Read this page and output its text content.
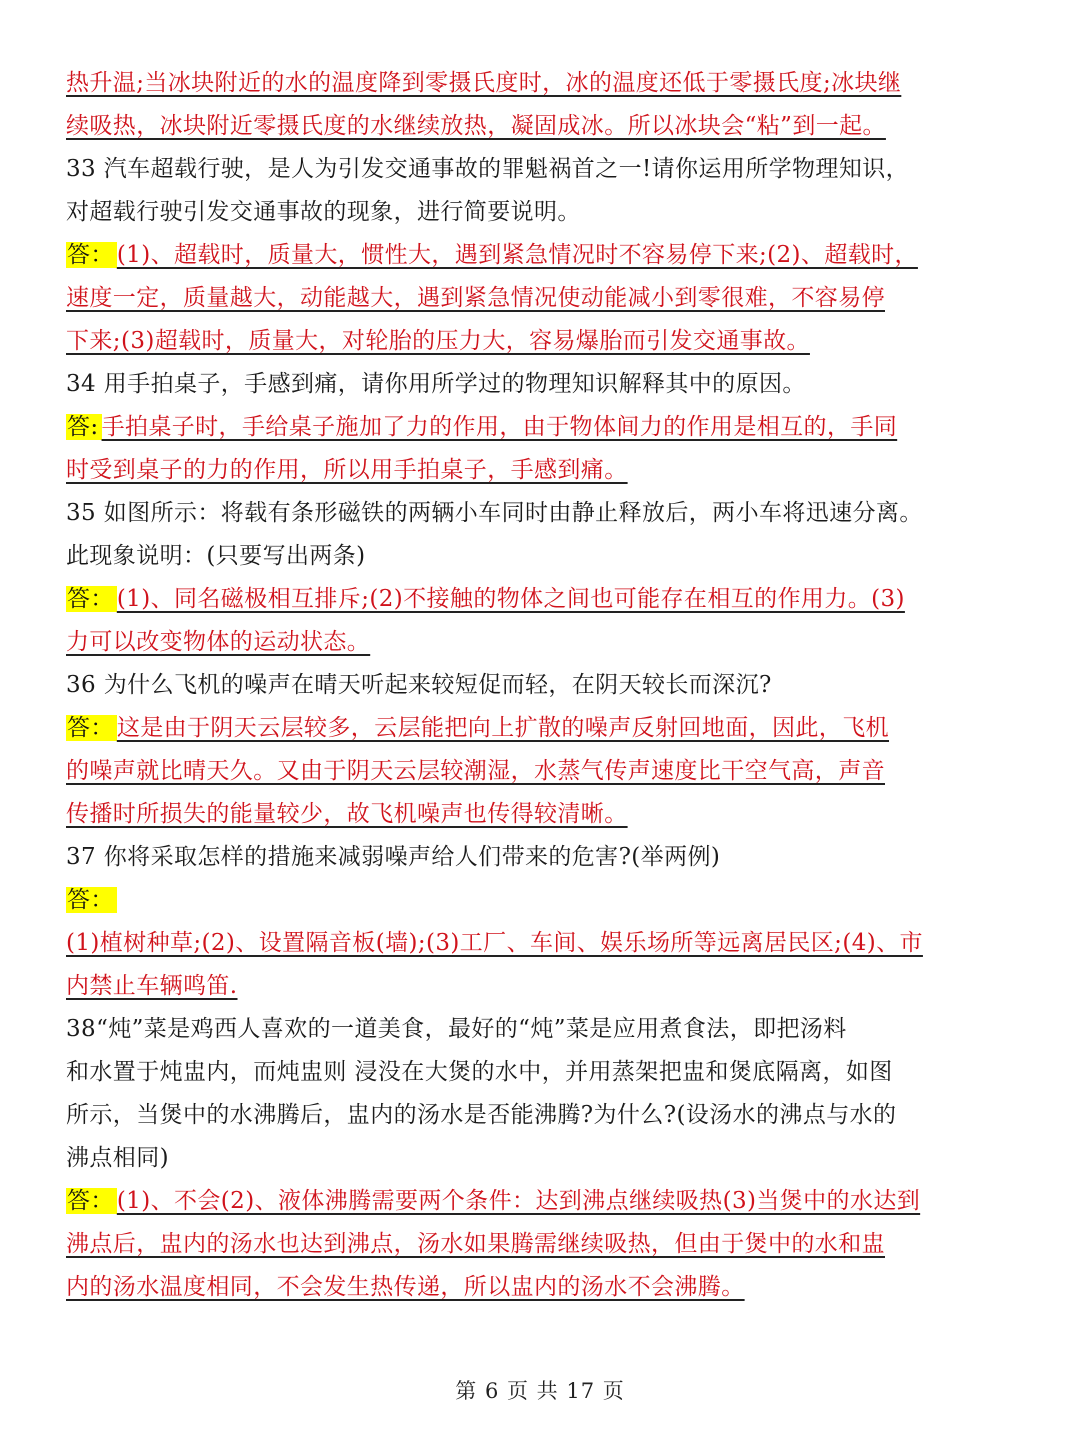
热升温;当冰块附近的水的温度降到零摄氏度时，冰的温度还低于零摄氏度;冰块继
续吸热，冰块附近零摄氏度的水继续放热，凝固成冰。所以冰块会“粘”到一起。
33 汽车超载行驶，是人为引发交通事故的罪魁祸首之一!请你运用所学物理知识，
对超载行驶引发交通事故的现象，进行简要说明。
答： (1)、超载时，质量大，惯性大，遇到紧急情况时不容易停下来;(2)、超载时，
速度一定，质量越大，动能越大，遇到紧急情况使动能减小到零很难，不容易停
下来;(3)超载时，质量大，对轮胎的压力大，容易爆胎而引发交通事故。
34 用手拍桌子，手感到痛，请你用所学过的物理知识解释其中的原因。
答: 手拍桌子时，手给桌子施加了力的作用，由于物体间力的作用是相互的，手同
时受到桌子的力的作用，所以用手拍桌子，手感到痛。
35 如图所示：将载有条形磁铁的两辆小车同时由静止释放后，两小车将迅速分离。
此现象说明：(只要写出两条)
答： (1)、同名磁极相互排斥;(2)不接触的物体之间也可能存在相互的作用力。(3)
力可以改变物体的运动状态。
36 为什么飞机的噪声在晴天听起来较短促而轻，在阴天较长而深沉?
答： 这是由于阴天云层较多，云层能把向上扩散的噪声反射回地面，因此，飞机
的噪声就比晴天久。又由于阴天云层较潮湿，水蒸气传声速度比干空气高，声音
传播时所损失的能量较少，故飞机噪声也传得较清晰。
37 你将采取怎样的措施来减弱噪声给人们带来的危害?(举两例)
答：
(1)植树种草;(2)、设置隔音板(墙);(3)工厂、车间、娱乐场所等远离居民区;(4)、市
内禁止车辆鸣笛.
38“炖”菜是鸡西人喜欢的一道美食，最好的“炖”菜是应用煮食法，即把汤料
和水置于炖盅内，而炖盅则 浸没在大煲的水中，并用蒸架把盅和煲底隔离，如图
所示，当煲中的水沸腾后，盅内的汤水是否能沸腾?为什么?(设汤水的沸点与水的
沸点相同)
答： (1)、不会(2)、液体沸腾需要两个条件：达到沸点继续吸热(3)当煲中的水达到
沸点后，盅内的汤水也达到沸点，汤水如果腾需继续吸热，但由于煲中的水和盅
内的汤水温度相同，不会发生热传递，所以盅内的汤水不会沸腾。
第 6 页 共 17 页
